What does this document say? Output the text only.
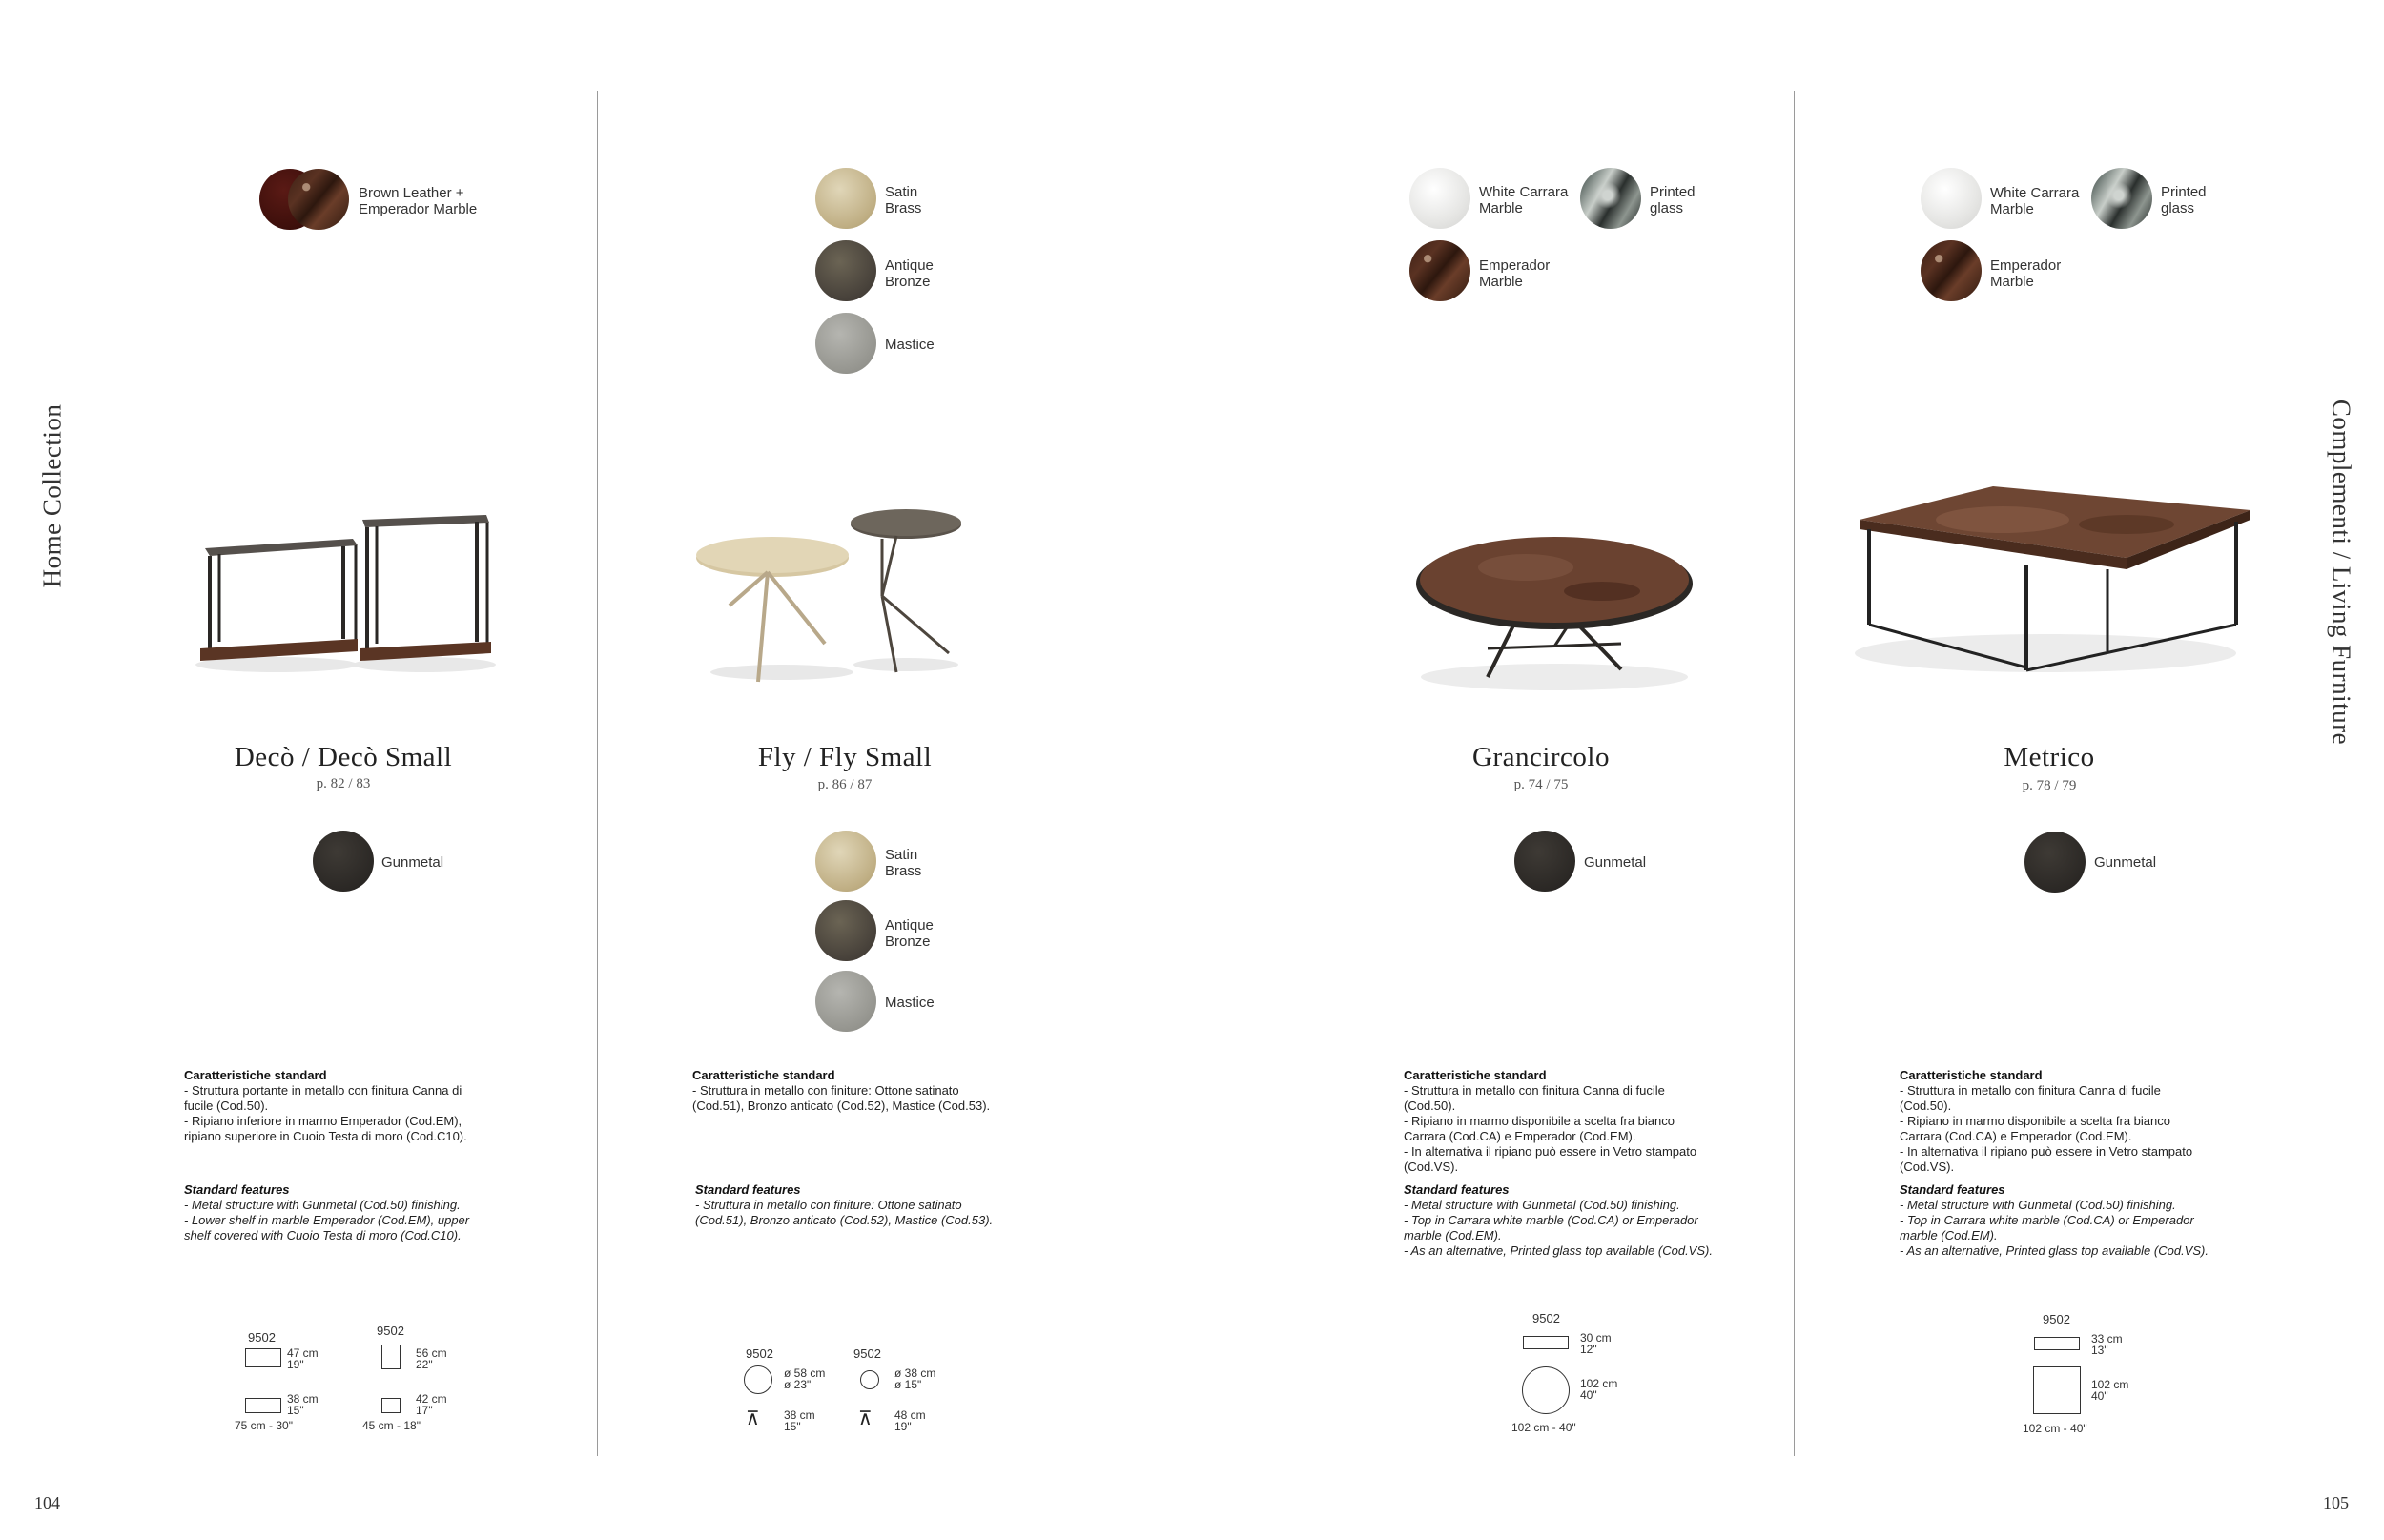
Home Collection	Complementi / Living Furniture
104	105
Brown Leather +
Emperador Marble
Decò / Decò Small
p. 82 / 83
Gunmetal
Caratteristiche standard
- Struttura portante in metallo con finitura Canna di
fucile (Cod.50).
- Ripiano inferiore in marmo Emperador (Cod.EM),
ripiano superiore in Cuoio Testa di moro (Cod.C10).
Standard features
- Metal structure with Gunmetal (Cod.50) finishing.
- Lower shelf in marble Emperador (Cod.EM), upper
shelf covered with Cuoio Testa di moro (Cod.C10).
9502
47 cm
19"
38 cm
15"
75 cm - 30"
9502
56 cm
22"
42 cm
17"
45 cm - 18"
Satin
Brass
Antique
Bronze
Mastice
Fly / Fly Small
p. 86 / 87
Satin
Brass
Antique
Bronze
Mastice
Caratteristiche standard
- Struttura in metallo con finiture: Ottone satinato
(Cod.51), Bronzo anticato (Cod.52), Mastice (Cod.53).
Standard features
- Struttura in metallo con finiture: Ottone satinato
(Cod.51), Bronzo anticato (Cod.52), Mastice (Cod.53).
9502
ø 58 cm
ø 23"
⊼	38 cm
15"
9502
ø 38 cm
ø 15"
⊼	48 cm
19"
White Carrara
Marble
Printed
glass
Emperador
Marble
Grancircolo
p. 74 / 75
Gunmetal
Caratteristiche standard
- Struttura in metallo con finitura Canna di fucile
(Cod.50).
- Ripiano in marmo disponibile a scelta fra bianco
Carrara (Cod.CA) e Emperador (Cod.EM).
- In alternativa il ripiano può essere in Vetro stampato
(Cod.VS).
Standard features
- Metal structure with Gunmetal (Cod.50) finishing.
- Top in Carrara white marble (Cod.CA) or Emperador
marble (Cod.EM).
- As an alternative, Printed glass top available (Cod.VS).
9502
30 cm
12"
102 cm
40"
102 cm - 40"
White Carrara
Marble
Printed
glass
Emperador
Marble
Metrico
p. 78 / 79
Gunmetal
Caratteristiche standard
- Struttura in metallo con finitura Canna di fucile
(Cod.50).
- Ripiano in marmo disponibile a scelta fra bianco
Carrara (Cod.CA) e Emperador (Cod.EM).
- In alternativa il ripiano può essere in Vetro stampato
(Cod.VS).
Standard features
- Metal structure with Gunmetal (Cod.50) finishing.
- Top in Carrara white marble (Cod.CA) or Emperador
marble (Cod.EM).
- As an alternative, Printed glass top available (Cod.VS).
9502
33 cm
13"
102 cm
40"
102 cm - 40"
